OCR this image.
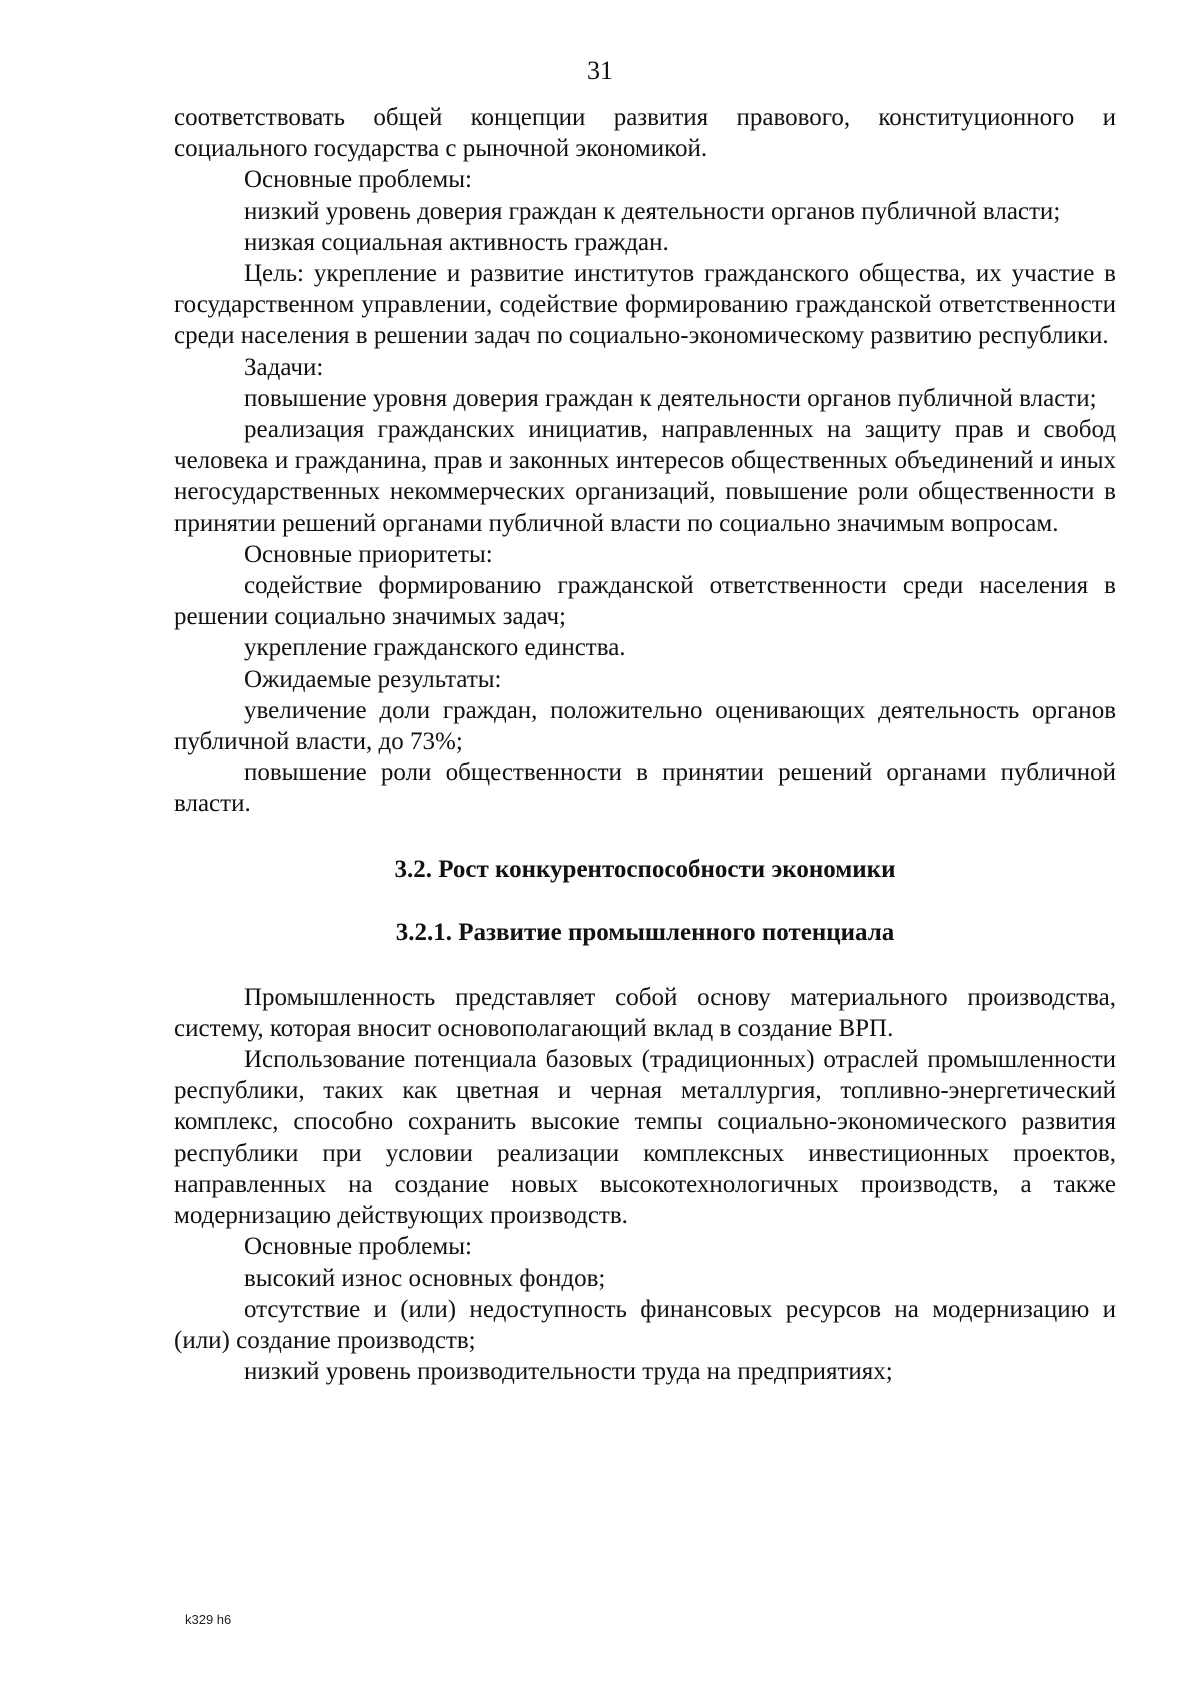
31

соответствовать общей концепции развития правового, конституционного и социального государства с рыночной экономикой.

Основные проблемы:

низкий уровень доверия граждан к деятельности органов публичной власти;

низкая социальная активность граждан.

Цель: укрепление и развитие институтов гражданского общества, их участие в государственном управлении, содействие формированию гражданской ответственности среди населения в решении задач по социально-экономическому развитию республики.

Задачи:

повышение уровня доверия граждан к деятельности органов публичной власти;

реализация гражданских инициатив, направленных на защиту прав и свобод человека и гражданина, прав и законных интересов общественных объединений и иных негосударственных некоммерческих организаций, повышение роли общественности в принятии решений органами публичной власти по социально значимым вопросам.

Основные приоритеты:

содействие формированию гражданской ответственности среди населения в решении социально значимых задач;

укрепление гражданского единства.

Ожидаемые результаты:

увеличение доли граждан, положительно оценивающих деятельность органов публичной власти, до 73%;

повышение роли общественности в принятии решений органами публичной власти.

3.2. Рост конкурентоспособности экономики
3.2.1. Развитие промышленного потенциала

Промышленность представляет собой основу материального производства, систему, которая вносит основополагающий вклад в создание ВРП.

Использование потенциала базовых (традиционных) отраслей промышленности республики, таких как цветная и черная металлургия, топливно-энергетический комплекс, способно сохранить высокие темпы социально-экономического развития республики при условии реализации комплексных инвестиционных проектов, направленных на создание новых высокотехнологичных производств, а также модернизацию действующих производств.

Основные проблемы:

высокий износ основных фондов;

отсутствие и (или) недоступность финансовых ресурсов на модернизацию и (или) создание производств;

низкий уровень производительности труда на предприятиях;

k329 h6
